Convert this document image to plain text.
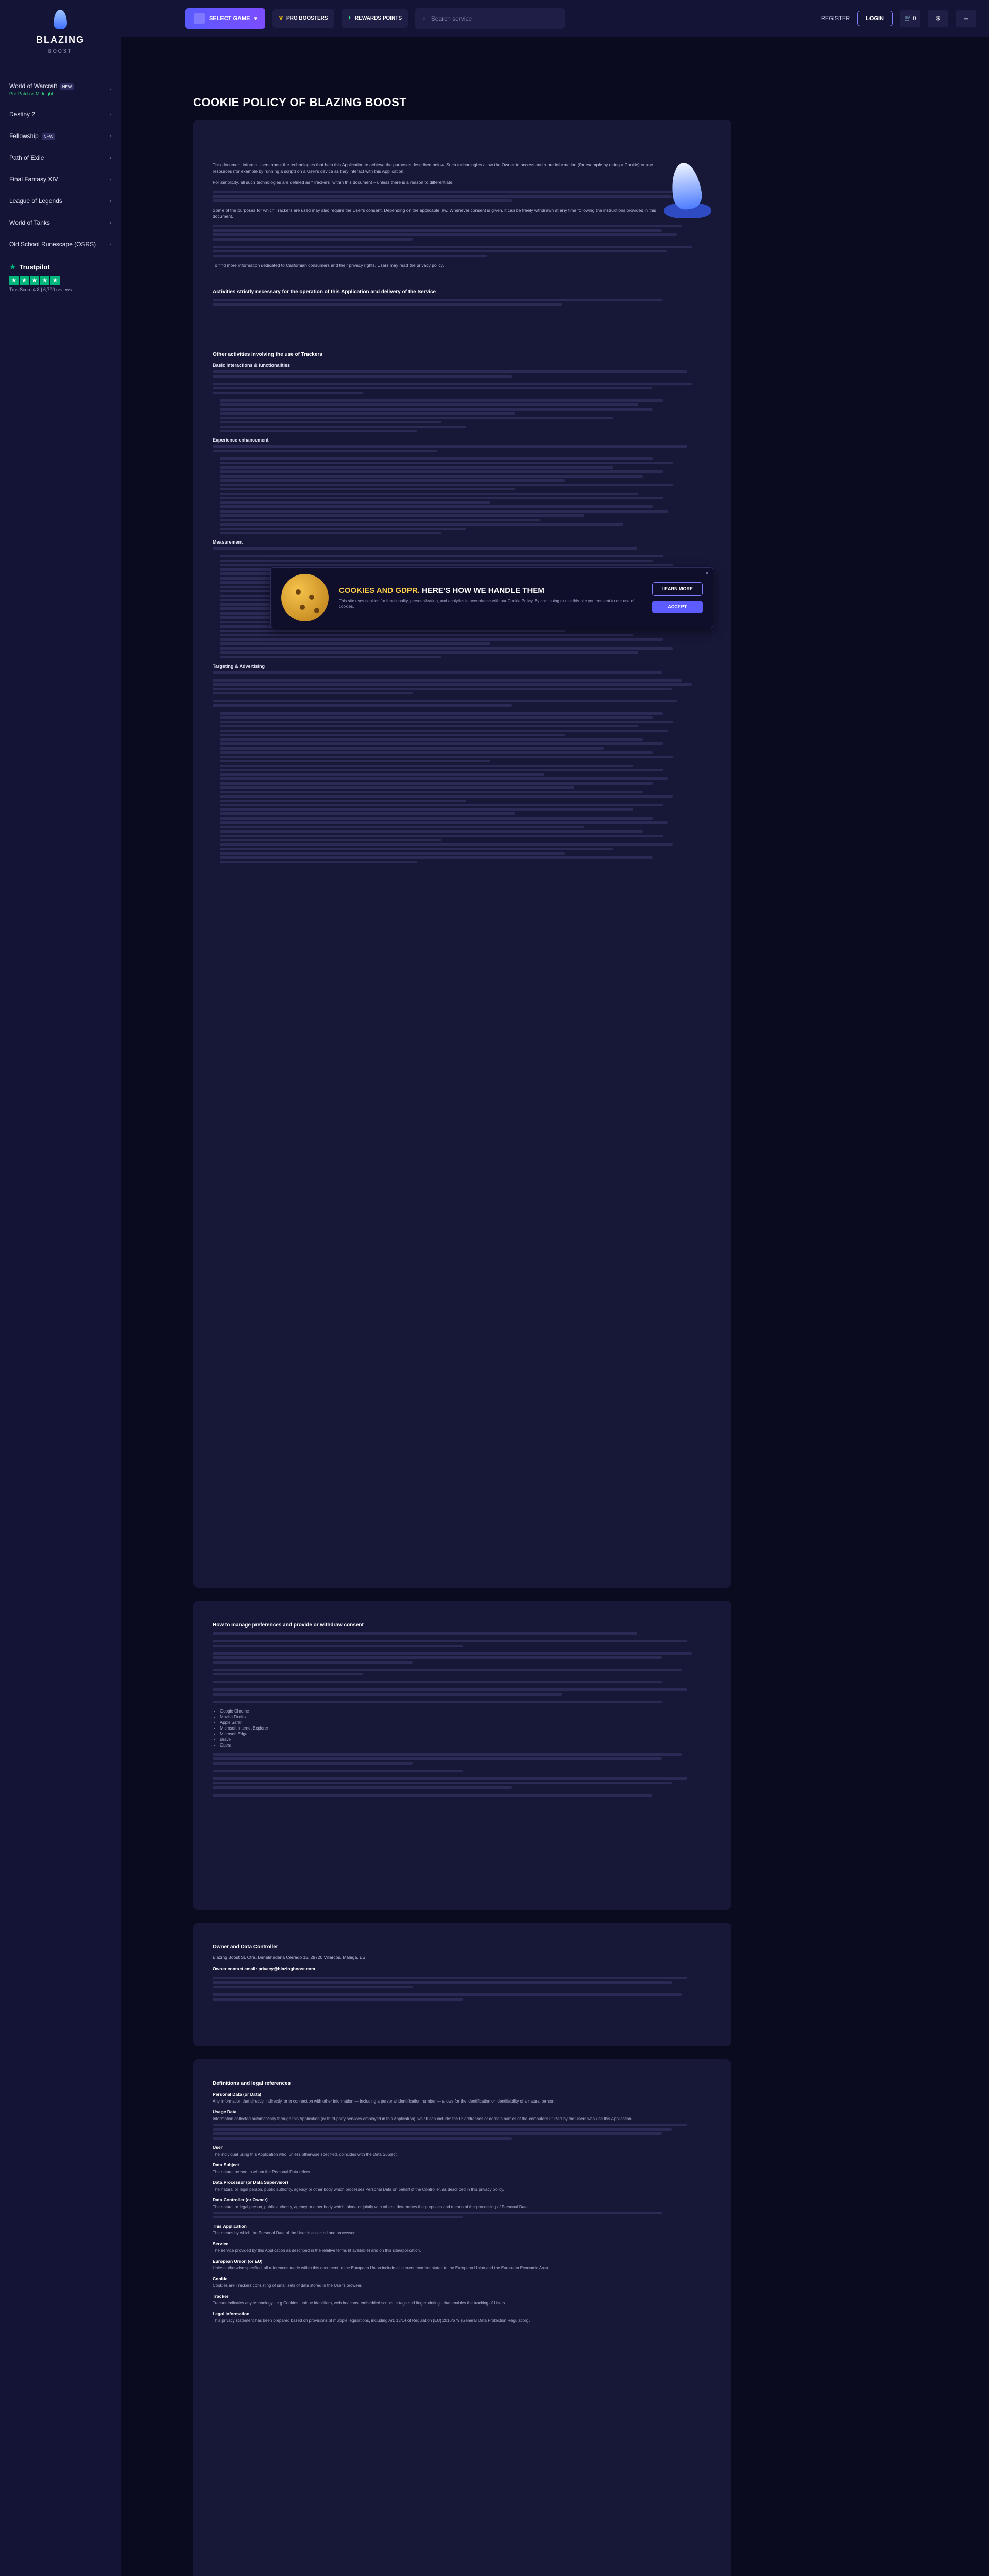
BLAZING
BOOST
World of Warcraft NEW
Pre-Patch & Midnight
›
Destiny 2	›
Fellowship NEW	›
Path of Exile	›
Final Fantasy XIV	›
League of Legends	›
World of Tanks	›
Old School Runescape (OSRS)	›
★ Trustpilot
★ ★ ★ ★ ★
TrustScore 4.8 | 6,790 reviews
SELECT GAME ▾	♛ PRO BOOSTERS	✦ REWARDS POINTS	⌕ Search service	REGISTER	LOGIN	🛒
0	$	☰
COOKIE POLICY OF BLAZING BOOST

This document informs Users about the technologies that help this Application to achieve the purposes described below. Such technologies allow the Owner to access and store information (for example by using a Cookie) or use resources (for example by running a script) on a User's device as they interact with this Application.

For simplicity, all such technologies are defined as "Trackers" within this document – unless there is a reason to differentiate.

Some of the purposes for which Trackers are used may also require the User's consent. Depending on the applicable law. Whenever consent is given, it can be freely withdrawn at any time following the instructions provided in this document.

To find more information dedicated to Californian consumers and their privacy rights, Users may read the privacy policy.

Activities strictly necessary for the operation of this Application and delivery of the Service
Other activities involving the use of Trackers
Basic interactions & functionalities
Experience enhancement
Measurement
Targeting & Advertising
×
COOKIES AND GDPR. HERE'S HOW WE HANDLE THEM
This site uses cookies for functionality, personalization, and analytics in accordance with our Cookie Policy. By continuing to use this site you consent to our use of cookies.
LEARN MORE
ACCEPT
How to manage preferences and provide or withdraw consent
• Google Chrome
• Mozilla Firefox
• Apple Safari
• Microsoft Internet Explorer
• Microsoft Edge
• Brave
• Opera
Owner and Data Controller

Blazing Boost SL Ctra. Benalmadena Cerrado 15, 29720 Villarcos, Málaga, ES

Owner contact email: privacy@blazingboost.com

Definitions and legal references
Personal Data (or Data)
Any information that directly, indirectly, or in connection with other information — including a personal identification number — allows for the identification or identifiability of a natural person.
Usage Data
Information collected automatically through this Application (or third-party services employed in this Application), which can include: the IP addresses or domain names of the computers utilized by the Users who use this Application.
User
The individual using this Application who, unless otherwise specified, coincides with the Data Subject.
Data Subject
The natural person to whom the Personal Data refers.
Data Processor (or Data Supervisor)
The natural or legal person, public authority, agency or other body which processes Personal Data on behalf of the Controller, as described in this privacy policy.
Data Controller (or Owner)
The natural or legal person, public authority, agency or other body which, alone or jointly with others, determines the purposes and means of the processing of Personal Data.
This Application
The means by which the Personal Data of the User is collected and processed.
Service
The service provided by this Application as described in the relative terms (if available) and on this site/application.
European Union (or EU)
Unless otherwise specified, all references made within this document to the European Union include all current member states to the European Union and the European Economic Area.
Cookie
Cookies are Trackers consisting of small sets of data stored in the User's browser.
Tracker
Tracker indicates any technology - e.g Cookies, unique identifiers, web beacons, embedded scripts, e-tags and fingerprinting - that enables the tracking of Users.
Legal information
This privacy statement has been prepared based on provisions of multiple legislations, including Art. 13/14 of Regulation (EU) 2016/679 (General Data Protection Regulation).
